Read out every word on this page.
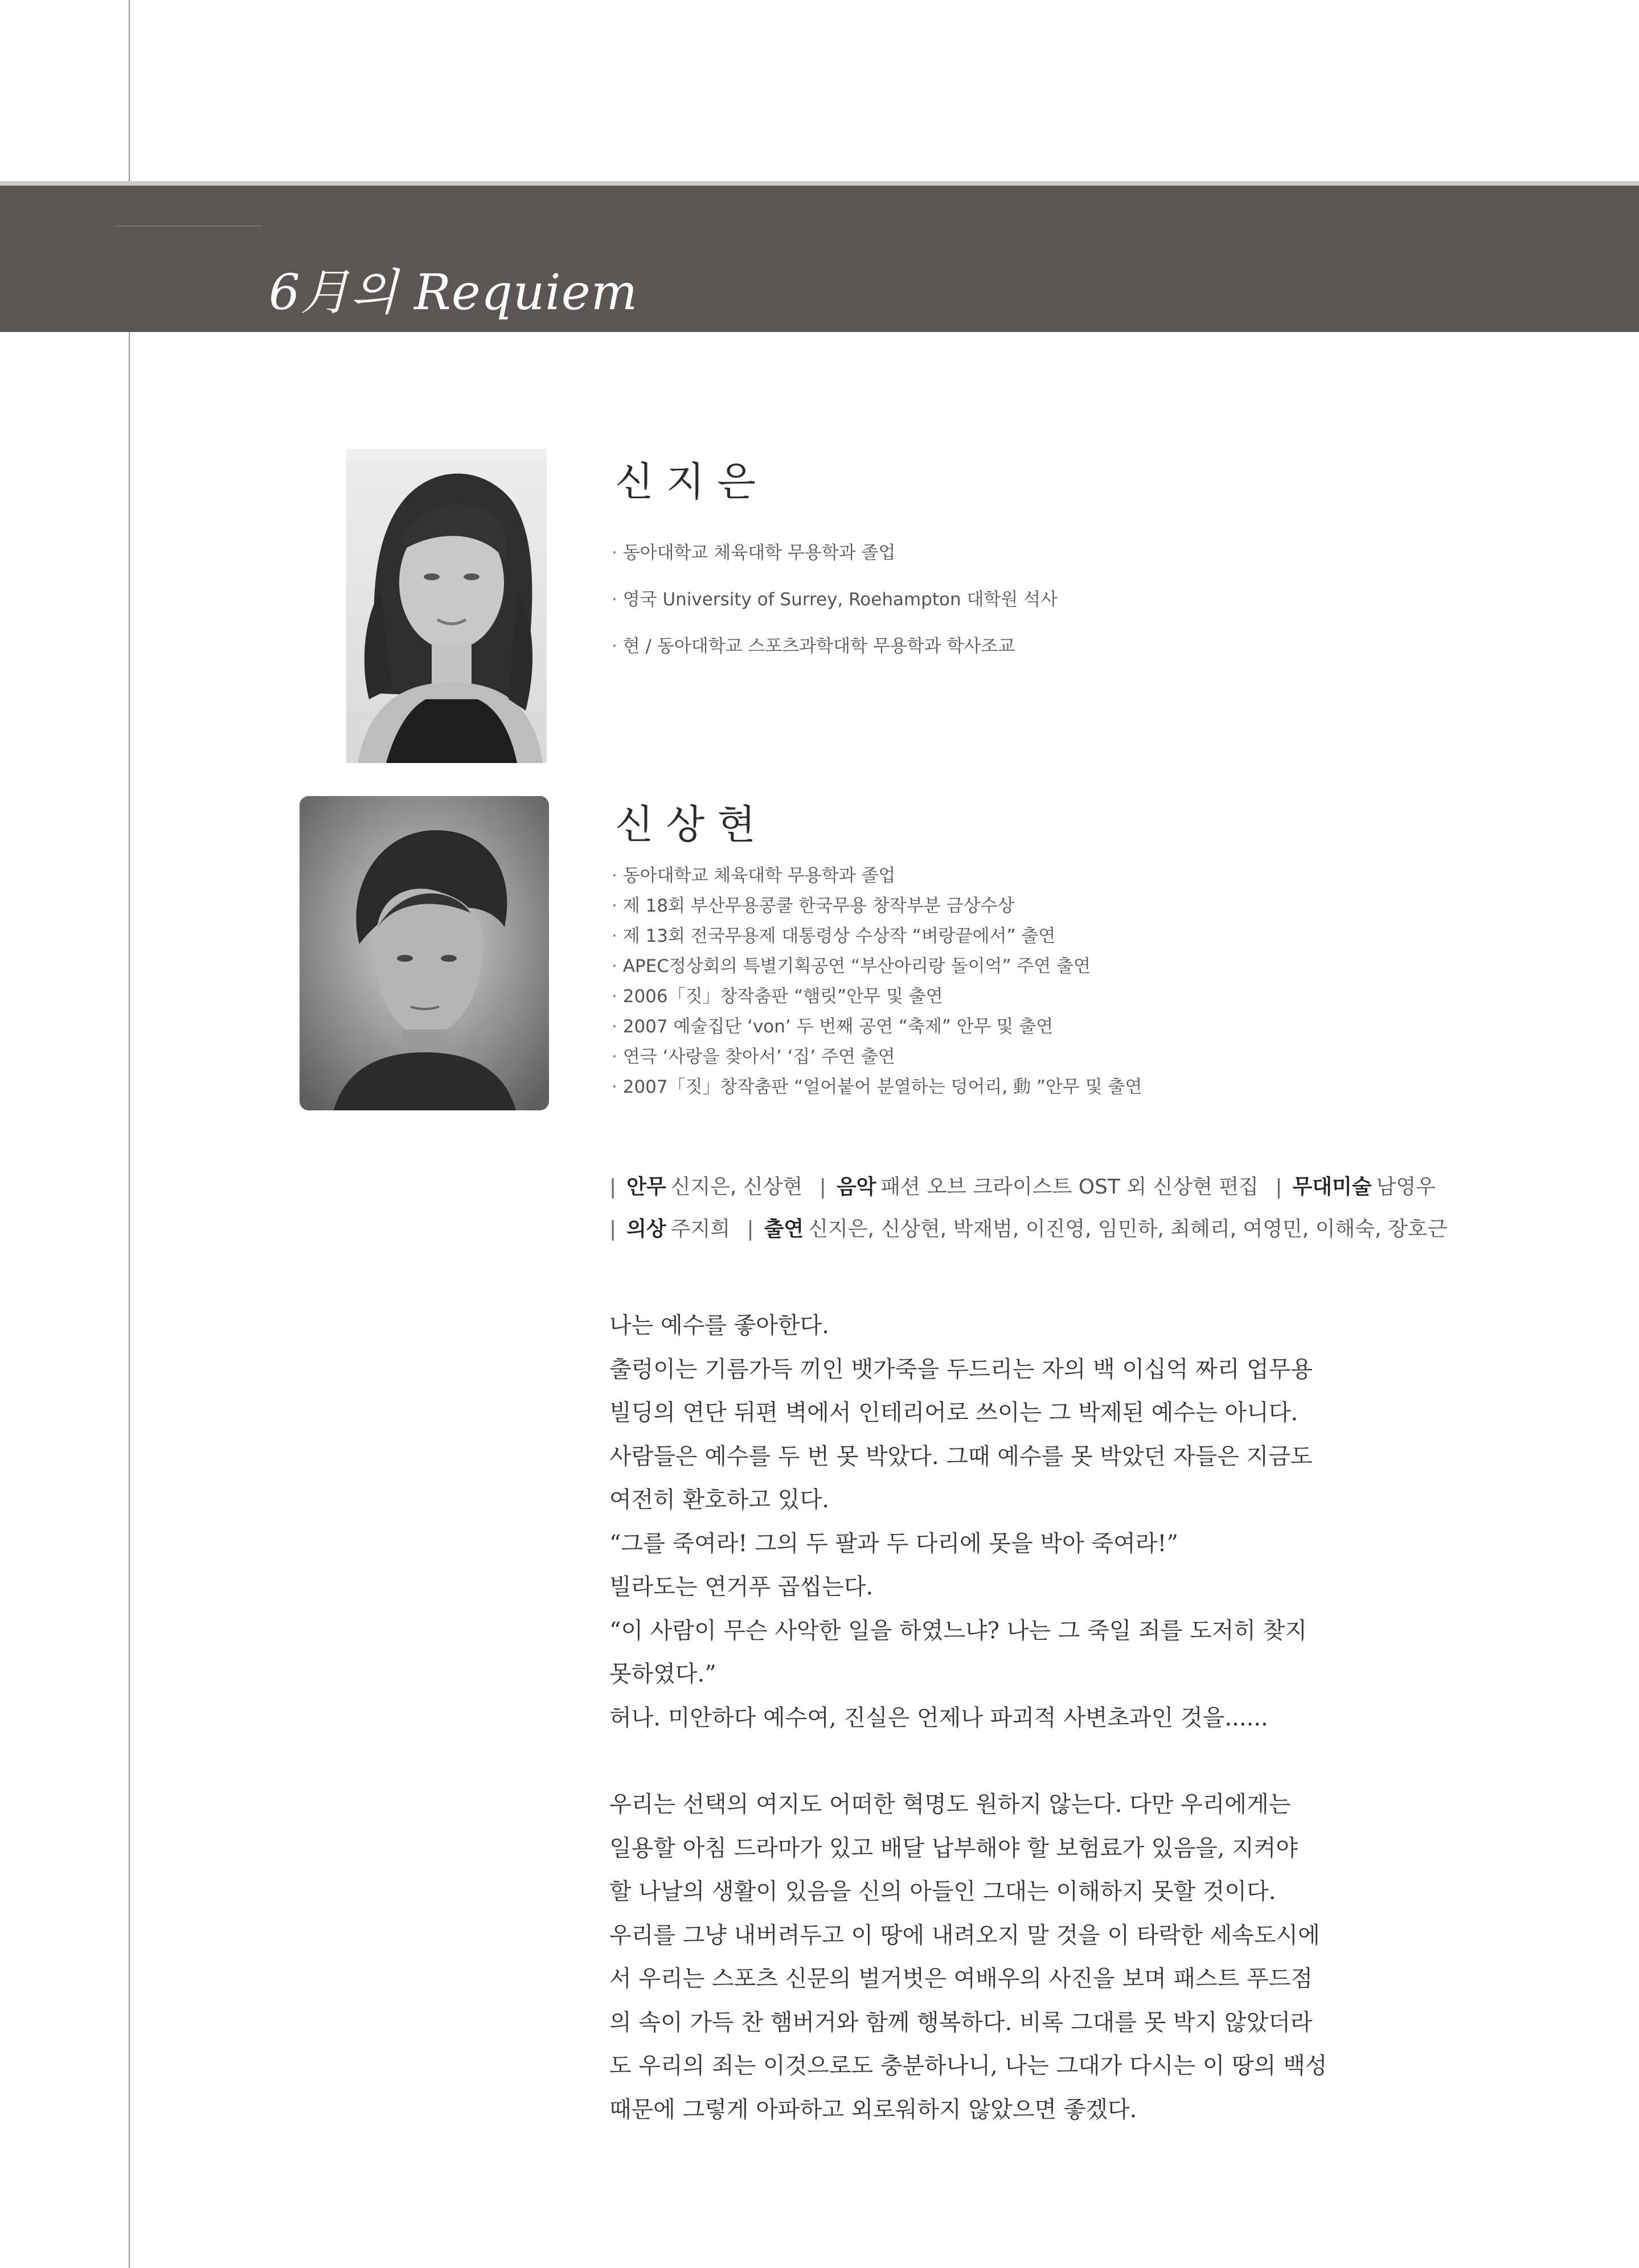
6月의 Requiem
신지은
· 동아대학교 체육대학 무용학과 졸업
· 영국 University of Surrey, Roehampton 대학원 석사
· 현 / 동아대학교 스포츠과학대학 무용학과 학사조교
신상현
· 동아대학교 체육대학 무용학과 졸업
· 제 18회 부산무용콩쿨 한국무용 창작부분 금상수상
· 제 13회 전국무용제 대통령상 수상작 “벼랑끝에서” 출연
· APEC정상회의 특별기획공연 “부산아리랑 돌이억” 주연 출연
· 2006「짓」창작춤판 “햄릿”안무 및 출연
· 2007 예술집단 ‘von’ 두 번째 공연 “축제” 안무 및 출연
· 연극 ‘사랑을 찾아서’ ‘집’ 주연 출연
· 2007「짓」창작춤판 “얼어붙어 분열하는 덩어리, 動 ”안무 및 출연
| 안무 신지은, 신상현 | 음악 패션 오브 크라이스트 OST 외 신상현 편집 | 무대미술 남영우
| 의상 주지희 | 출연 신지은, 신상현, 박재범, 이진영, 임민하, 최혜리, 여영민, 이해숙, 장호근

나는 예수를 좋아한다.

출렁이는 기름가득 끼인 뱃가죽을 두드리는 자의 백 이십억 짜리 업무용

빌딩의 연단 뒤편 벽에서 인테리어로 쓰이는 그 박제된 예수는 아니다.

사람들은 예수를 두 번 못 박았다. 그때 예수를 못 박았던 자들은 지금도

여전히 환호하고 있다.

“그를 죽여라! 그의 두 팔과 두 다리에 못을 박아 죽여라!”

빌라도는 연거푸 곱씹는다.

“이 사람이 무슨 사악한 일을 하였느냐? 나는 그 죽일 죄를 도저히 찾지

못하였다.”

허나. 미안하다 예수여, 진실은 언제나 파괴적 사변초과인 것을......

우리는 선택의 여지도 어떠한 혁명도 원하지 않는다. 다만 우리에게는

일용할 아침 드라마가 있고 배달 납부해야 할 보험료가 있음을, 지켜야

할 나날의 생활이 있음을 신의 아들인 그대는 이해하지 못할 것이다.

우리를 그냥 내버려두고 이 땅에 내려오지 말 것을 이 타락한 세속도시에

서 우리는 스포츠 신문의 벌거벗은 여배우의 사진을 보며 패스트 푸드점

의 속이 가득 찬 햄버거와 함께 행복하다. 비록 그대를 못 박지 않았더라

도 우리의 죄는 이것으로도 충분하나니, 나는 그대가 다시는 이 땅의 백성

때문에 그렇게 아파하고 외로워하지 않았으면 좋겠다.
